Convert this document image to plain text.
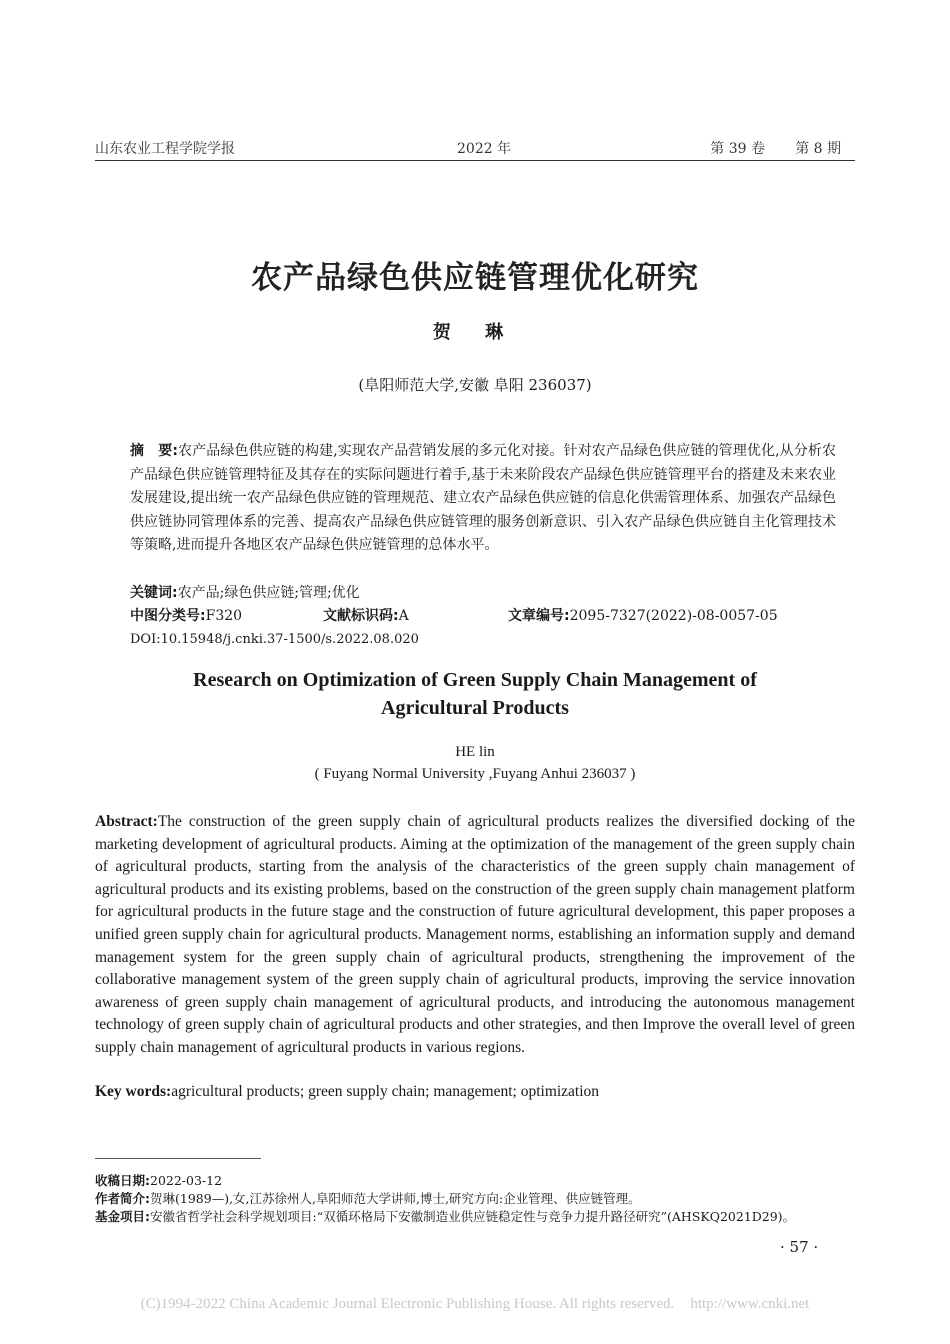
山东农业工程学院学报	2022 年	第 39 卷 第 8 期
农产品绿色供应链管理优化研究
贺 琳
(阜阳师范大学,安徽 阜阳 236037)
摘　要:农产品绿色供应链的构建,实现农产品营销发展的多元化对接。针对农产品绿色供应链的管理优化,从分析农产品绿色供应链管理特征及其存在的实际问题进行着手,基于未来阶段农产品绿色供应链管理平台的搭建及未来农业发展建设,提出统一农产品绿色供应链的管理规范、建立农产品绿色供应链的信息化供需管理体系、加强农产品绿色供应链协同管理体系的完善、提高农产品绿色供应链管理的服务创新意识、引入农产品绿色供应链自主化管理技术等策略,进而提升各地区农产品绿色供应链管理的总体水平。
关键词:农产品;绿色供应链;管理;优化
中图分类号:F320	文献标识码:A	文章编号:2095-7327(2022)-08-0057-05
DOI:10.15948/j.cnki.37-1500/s.2022.08.020
Research on Optimization of Green Supply Chain Management of
Agricultural Products
HE lin
( Fuyang Normal University ,Fuyang Anhui 236037 )
Abstract:The construction of the green supply chain of agricultural products realizes the diversified docking of the marketing development of agricultural products. Aiming at the optimization of the management of the green supply chain of agricultural products, starting from the analysis of the characteristics of the green supply chain management of agricultural products and its existing problems, based on the construction of the green supply chain management platform for agricultural products in the future stage and the construction of future agricultural development, this paper proposes a unified green supply chain for agricultural products. Management norms, establishing an information supply and demand management system for the green supply chain of agricultural products, strengthening the improvement of the collaborative management system of the green supply chain of agricultural products, improving the service innovation awareness of green supply chain management of agricultural products, and introducing the autonomous management technology of green supply chain of agricultural products and other strategies, and then Improve the overall level of green supply chain management of agricultural products in various regions.
Key words:agricultural products; green supply chain; management; optimization
收稿日期:2022-03-12
作者简介:贺琳(1989—),女,江苏徐州人,阜阳师范大学讲师,博士,研究方向:企业管理、供应链管理。
基金项目:安徽省哲学社会科学规划项目:“双循环格局下安徽制造业供应链稳定性与竞争力提升路径研究”(AHSKQ2021D29)。
· 57 ·
(C)1994-2022 China Academic Journal Electronic Publishing House. All rights reserved. http://www.cnki.net
